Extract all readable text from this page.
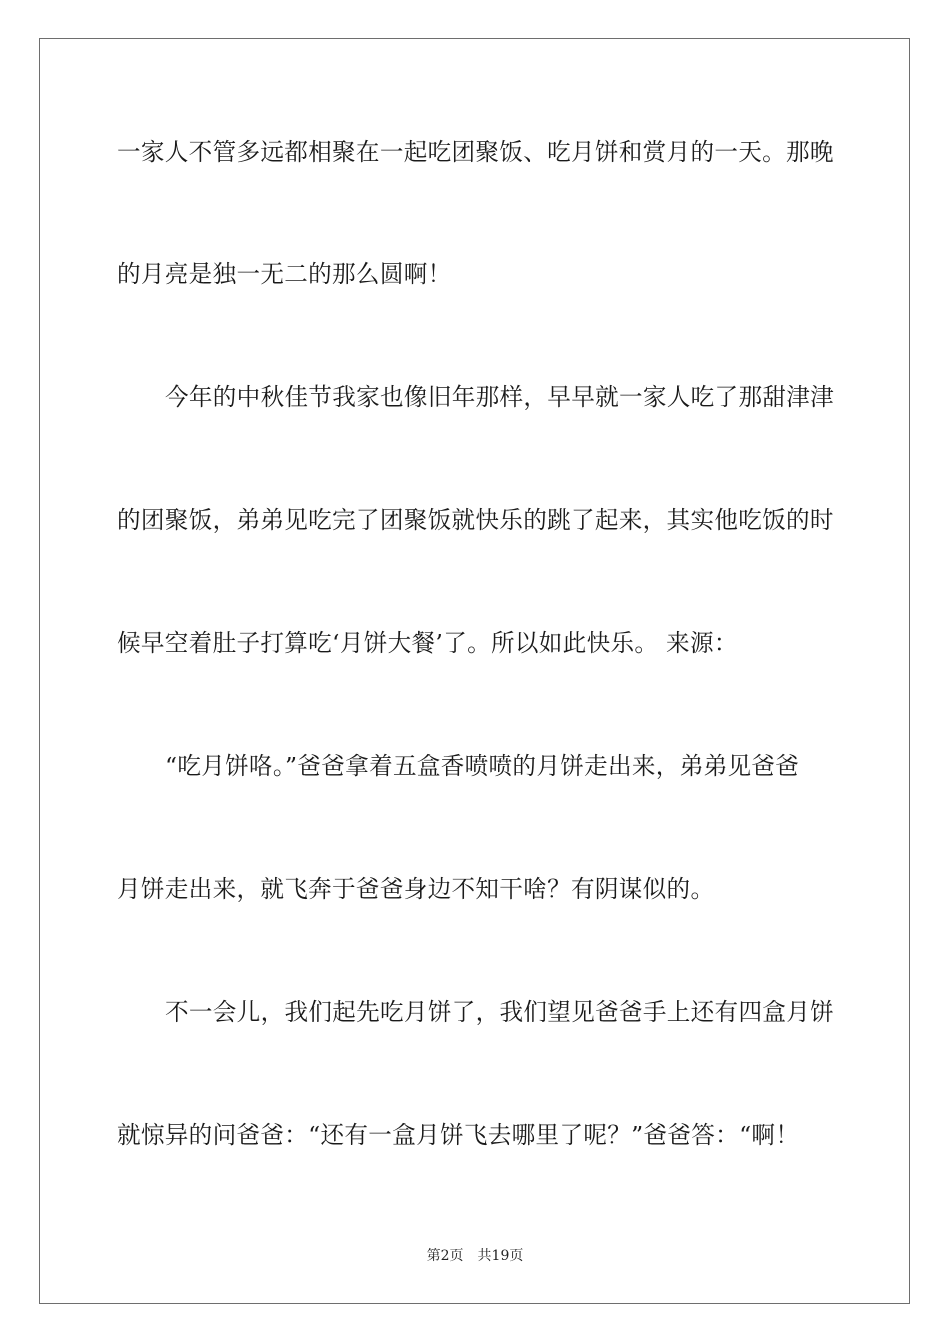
一家人不管多远都相聚在一起吃团聚饭、吃月饼和赏月的一天。那晚
的月亮是独一无二的那么圆啊！
今年的中秋佳节我家也像旧年那样，早早就一家人吃了那甜津津
的团聚饭，弟弟见吃完了团聚饭就快乐的跳了起来，其实他吃饭的时
候早空着肚子打算吃‘月饼大餐’了。所以如此快乐。 来源：
“吃月饼咯。”爸爸拿着五盒香喷喷的月饼走出来，弟弟见爸爸
月饼走出来，就飞奔于爸爸身边不知干啥？有阴谋似的。
不一会儿，我们起先吃月饼了，我们望见爸爸手上还有四盒月饼
就惊异的问爸爸：“还有一盒月饼飞去哪里了呢？”爸爸答：“啊！
第2页 共19页
